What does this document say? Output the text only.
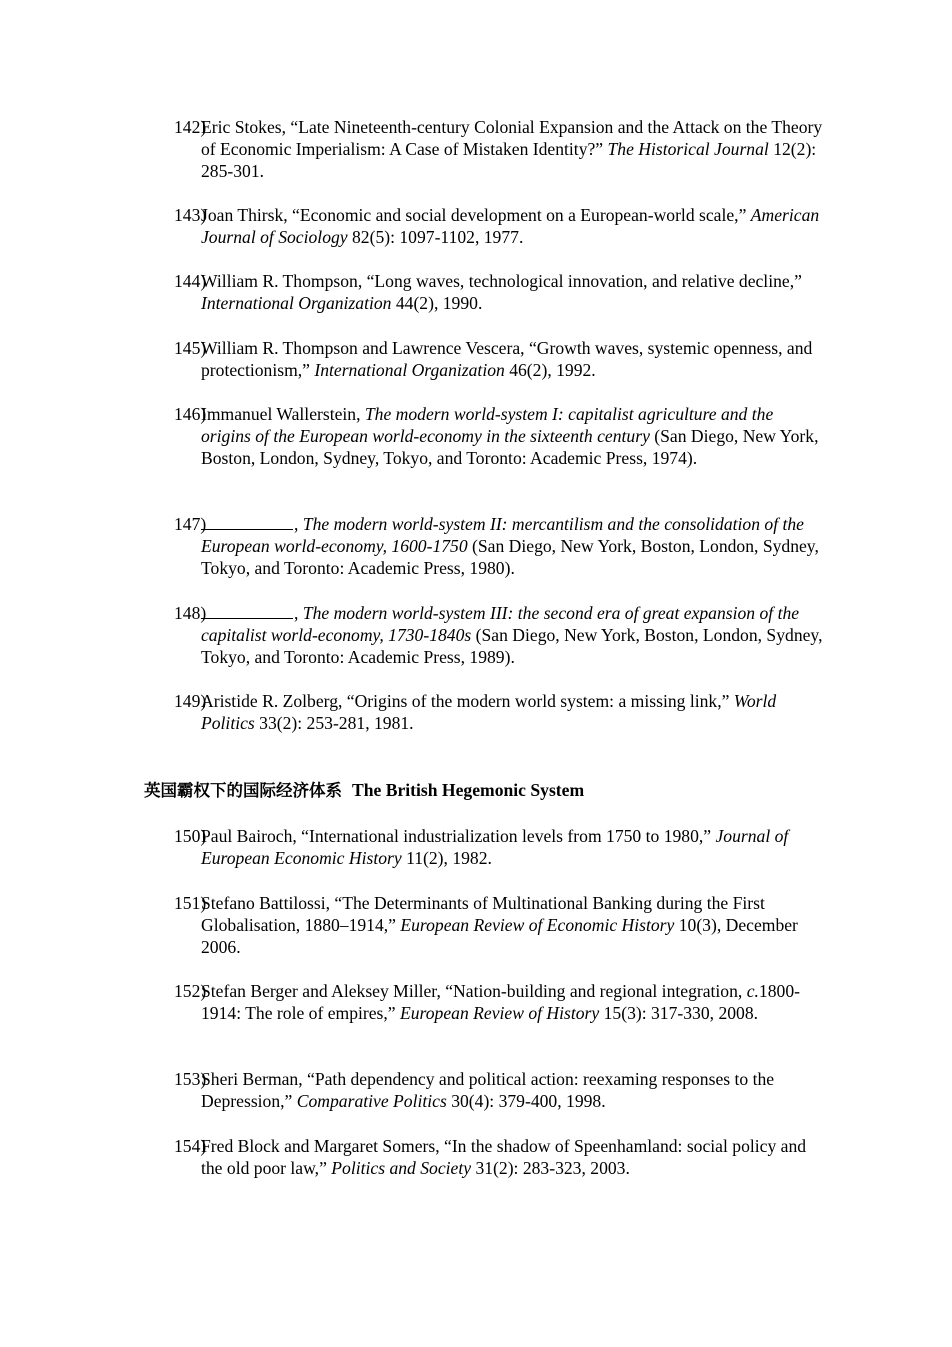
142)
Eric Stokes, “Late Nineteenth-century Colonial Expansion and the Attack on the Theory of Economic Imperialism: A Case of Mistaken Identity?” The Historical Journal 12(2): 285-301.
143)
Joan Thirsk, “Economic and social development on a European-world scale,” American Journal of Sociology 82(5): 1097-1102, 1977.
144)
William R. Thompson, “Long waves, technological innovation, and relative decline,” International Organization 44(2), 1990.
145)
William R. Thompson and Lawrence Vescera, “Growth waves, systemic openness, and protectionism,” International Organization 46(2), 1992.
146)
Immanuel Wallerstein, The modern world-system I: capitalist agriculture and the origins of the European world-economy in the sixteenth century (San Diego, New York, Boston, London, Sydney, Tokyo, and Toronto: Academic Press, 1974).
147)	, The modern world-system II: mercantilism and the consolidation of the European world-economy, 1600-1750 (San Diego, New York, Boston, London, Sydney, Tokyo, and Toronto: Academic Press, 1980).
148)	, The modern world-system III: the second era of great expansion of the capitalist world-economy, 1730-1840s (San Diego, New York, Boston, London, Sydney, Tokyo, and Toronto: Academic Press, 1989).
149)
Aristide R. Zolberg, “Origins of the modern world system: a missing link,” World Politics 33(2): 253-281, 1981.
英国霸权下的国际经济体系 The British Hegemonic System
150)
Paul Bairoch, “International industrialization levels from 1750 to 1980,” Journal of European Economic History 11(2), 1982.
151)
Stefano Battilossi, “The Determinants of Multinational Banking during the First Globalisation, 1880–1914,” European Review of Economic History 10(3), December 2006.
152)
Stefan Berger and Aleksey Miller, “Nation-building and regional integration, c.1800-1914: The role of empires,” European Review of History 15(3): 317-330, 2008.
153)
Sheri Berman, “Path dependency and political action: reexaming responses to the Depression,” Comparative Politics 30(4): 379-400, 1998.
154)
Fred Block and Margaret Somers, “In the shadow of Speenhamland: social policy and the old poor law,” Politics and Society 31(2): 283-323, 2003.
